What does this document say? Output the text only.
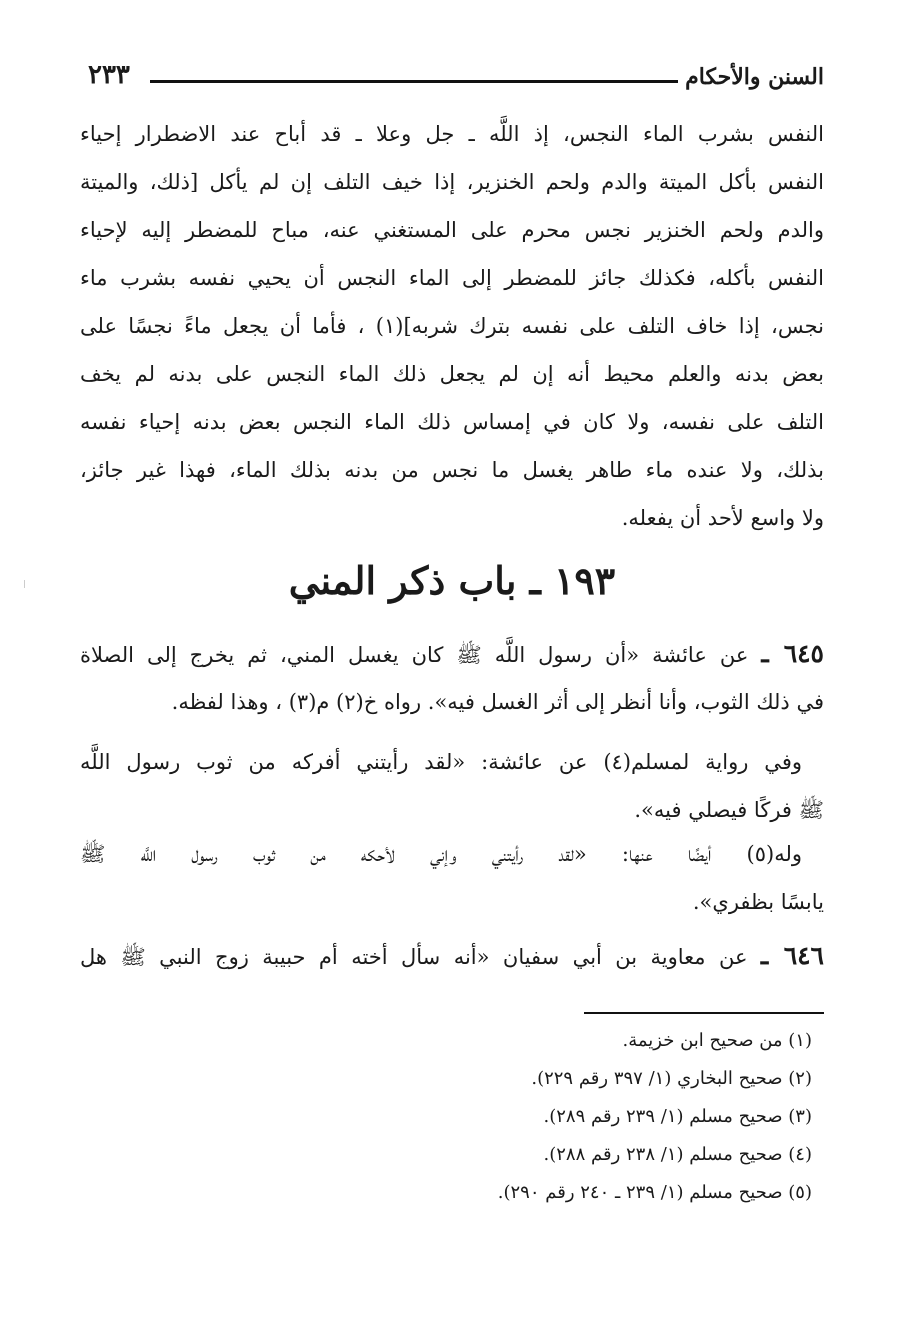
السنن والأحكام
٢٣٣
النفس بشرب الماء النجس، إذ اللَّه ـ جل وعلا ـ قد أباح عند الاضطرار إحياء
النفس بأكل الميتة والدم ولحم الخنزير، إذا خيف التلف إن لم يأكل [ذلك، والميتة
والدم ولحم الخنزير نجس محرم على المستغني عنه، مباح للمضطر إليه لإحياء
النفس بأكله، فكذلك جائز للمضطر إلى الماء النجس أن يحيي نفسه بشرب ماء
نجس، إذا خاف التلف على نفسه بترك شربه](١) ، فأما أن يجعل ماءً نجسًا على
بعض بدنه والعلم محيط أنه إن لم يجعل ذلك الماء النجس على بدنه لم يخف
التلف على نفسه، ولا كان في إمساس ذلك الماء النجس بعض بدنه إحياء نفسه
بذلك، ولا عنده ماء طاهر يغسل ما نجس من بدنه بذلك الماء، فهذا غير جائز،
ولا واسع لأحد أن يفعله.
١٩٣ ـ باب ذكر المني
٦٤٥ ـ عن عائشة «أن رسول اللَّه ﷺ كان يغسل المني، ثم يخرج إلى الصلاة
في ذلك الثوب، وأنا أنظر إلى أثر الغسل فيه». رواه خ(٢) م(٣) ، وهذا لفظه.
وفي رواية لمسلم(٤) عن عائشة: «لقد رأيتني أفركه من ثوب رسول اللَّه
ﷺ فركًا فيصلي فيه».
وله(٥) أيضًا عنها: «لقد رأيتني وإني لأحكه من ثوب رسول اللَّه ﷺ
يابسًا بظفري».
٦٤٦ ـ عن معاوية بن أبي سفيان «أنه سأل أخته أم حبيبة زوج النبي ﷺ هل
(١) من صحيح ابن خزيمة.
(٢) صحيح البخاري (١/ ٣٩٧ رقم ٢٢٩).
(٣) صحيح مسلم (١/ ٢٣٩ رقم ٢٨٩).
(٤) صحيح مسلم (١/ ٢٣٨ رقم ٢٨٨).
(٥) صحيح مسلم (١/ ٢٣٩ ـ ٢٤٠ رقم ٢٩٠).
